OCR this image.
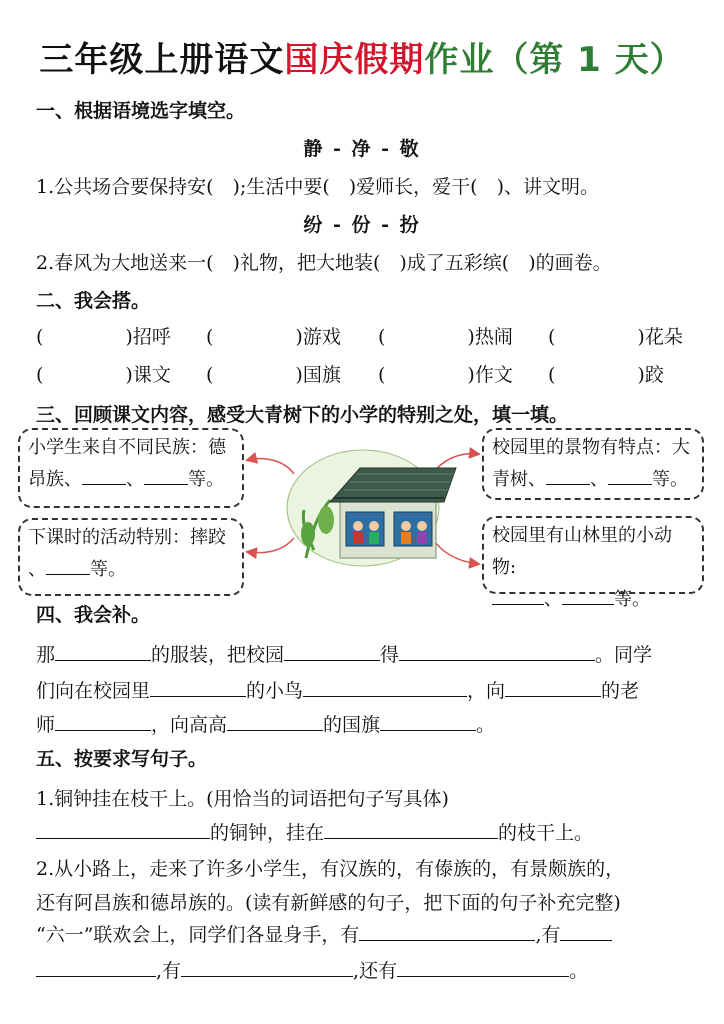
三年级上册语文国庆假期作业（第 1 天）
一、根据语境选字填空。
静 - 净 - 敬
1.公共场合要保持安(　);生活中要(　)爱师长，爱干(　)、讲文明。
纷 - 份 - 扮
2.春风为大地送来一(　)礼物，把大地装(　)成了五彩缤(　)的画卷。
二、我会搭。
(	)招呼 (	)游戏 (	)热闹 (	)花朵
(	)课文 (	)国旗 (	)作文 (	)跤
三、回顾课文内容，感受大青树下的小学的特别之处，填一填。
小学生来自不同民族：德
昂族、 、 等。
校园里的景物有特点：大
青树、 、 等。
下课时的活动特别：摔跤
、 等。
校园里有山林里的小动物:
、	等。
四、我会补。
那	的服装，把校园	得	。同学
们向在校园里	的小鸟	，向	的老
师	，向高高	的国旗	。
五、按要求写句子。
1.铜钟挂在枝干上。(用恰当的词语把句子写具体)
的铜钟，挂在	的枝干上。
2.从小路上，走来了许多小学生，有汉族的，有傣族的，有景颇族的，
还有阿昌族和德昂族的。(读有新鲜感的句子，把下面的句子补充完整)
“六一”联欢会上，同学们各显身手，有	,有
,有	,还有	。
